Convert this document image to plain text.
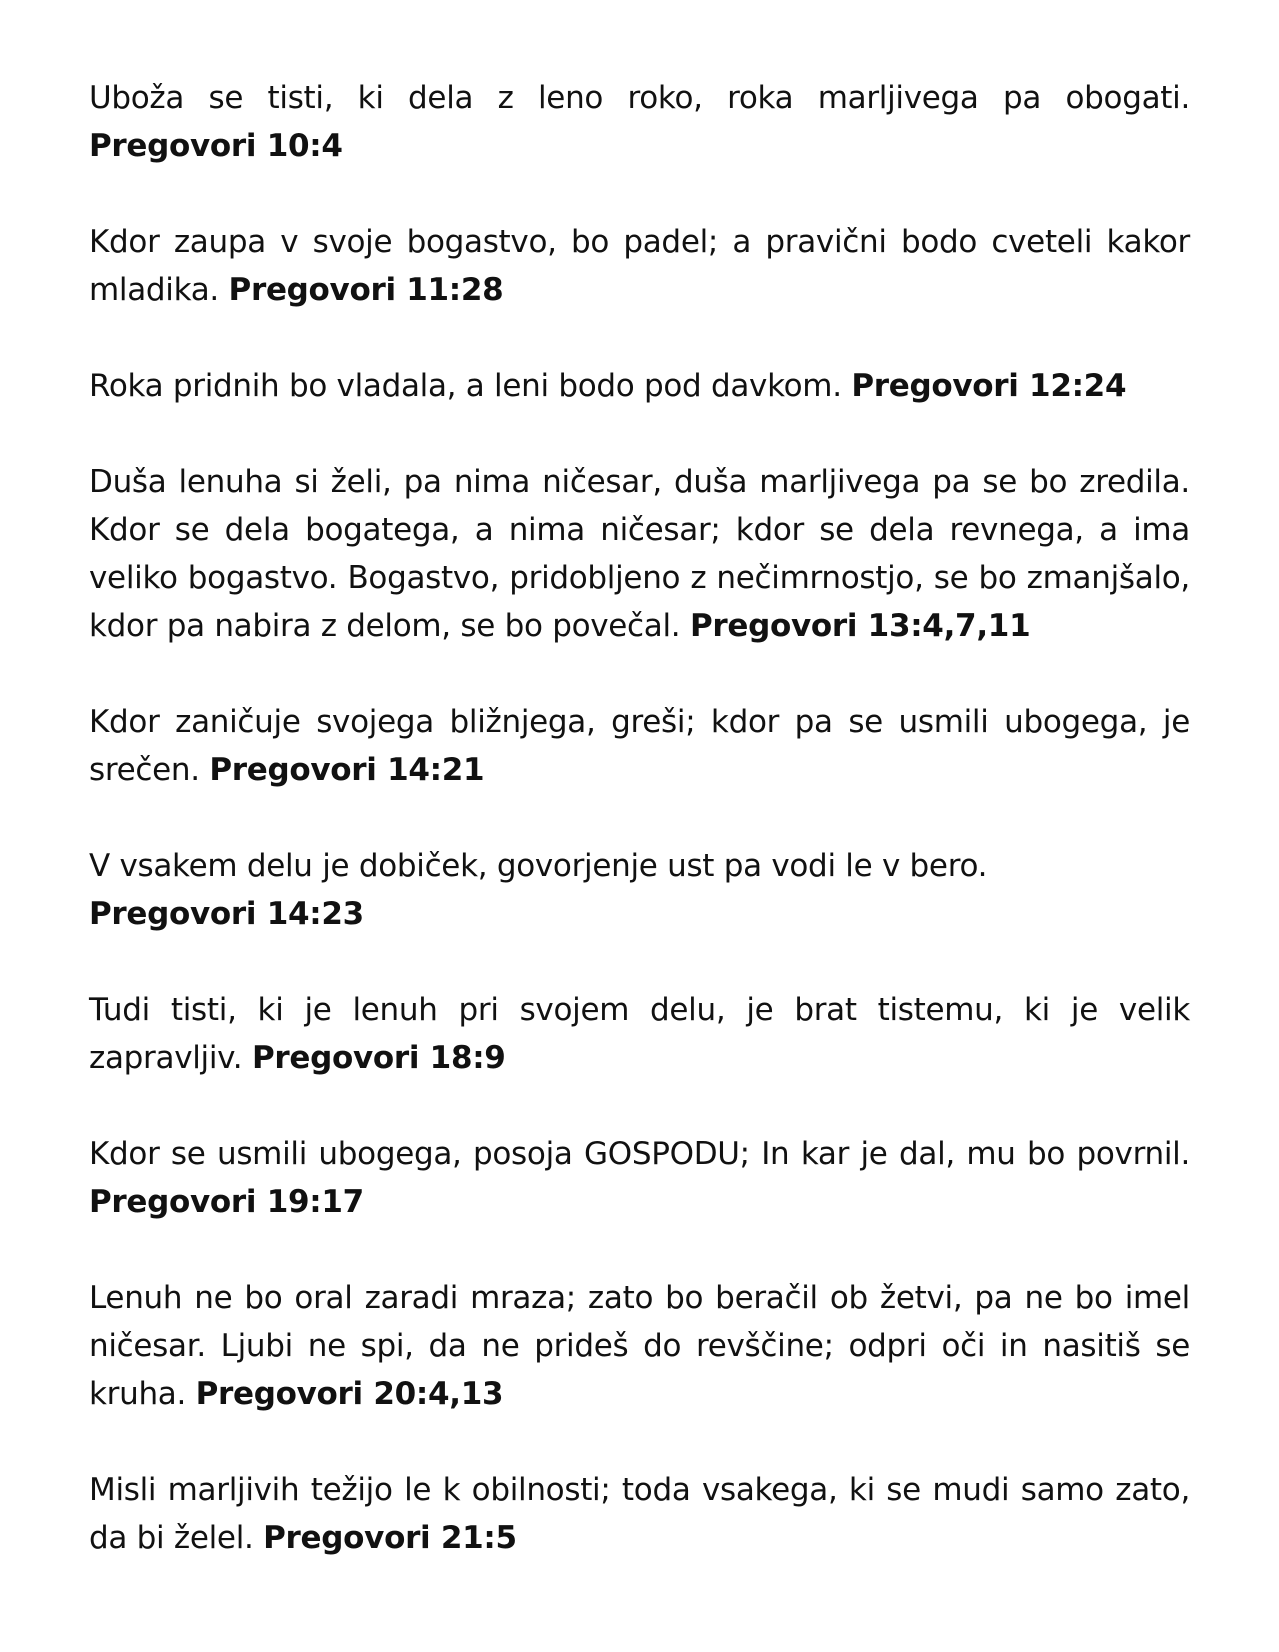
Uboža se tisti, ki dela z leno roko, roka marljivega pa obogati. Pregovori 10:4

Kdor zaupa v svoje bogastvo, bo padel; a pravični bodo cveteli kakor mladika. Pregovori 11:28

Roka pridnih bo vladala, a leni bodo pod davkom. Pregovori 12:24

Duša lenuha si želi, pa nima ničesar, duša marljivega pa se bo zredila. Kdor se dela bogatega, a nima ničesar; kdor se dela revnega, a ima veliko bogastvo. Bogastvo, pridobljeno z nečimrnostjo, se bo zmanjšalo, kdor pa nabira z delom, se bo povečal. Pregovori 13:4,7,11

Kdor zaničuje svojega bližnjega, greši; kdor pa se usmili ubogega, je srečen. Pregovori 14:21

V vsakem delu je dobiček, govorjenje ust pa vodi le v bero.
Pregovori 14:23

Tudi tisti, ki je lenuh pri svojem delu, je brat tistemu, ki je velik zapravljiv. Pregovori 18:9

Kdor se usmili ubogega, posoja GOSPODU; In kar je dal, mu bo povrnil. Pregovori 19:17

Lenuh ne bo oral zaradi mraza; zato bo beračil ob žetvi, pa ne bo imel ničesar. Ljubi ne spi, da ne prideš do revščine; odpri oči in nasitiš se kruha. Pregovori 20:4,13

Misli marljivih težijo le k obilnosti; toda vsakega, ki se mudi samo zato, da bi želel. Pregovori 21:5
